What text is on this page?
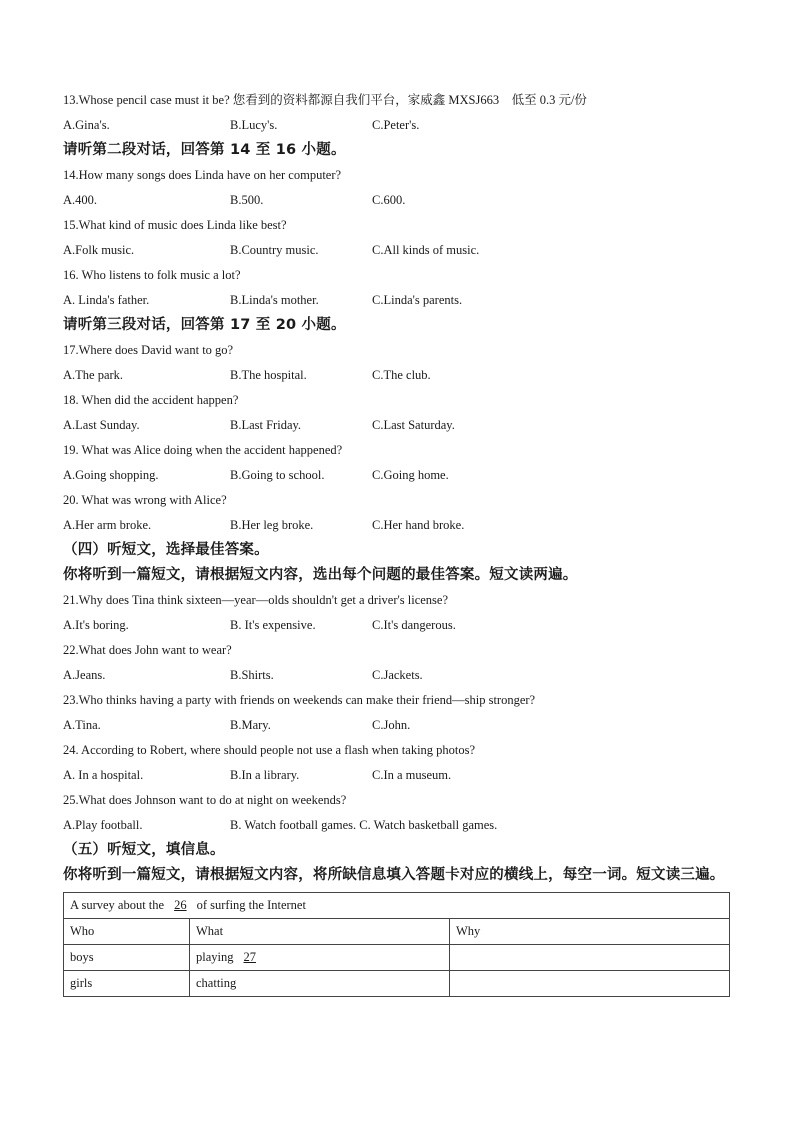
13.Whose pencil case must it be? 您看到的资料都源自我们平台，家威鑫 MXSJ663　低至 0.3 元/份
A.Gina's.	B.Lucy's.	C.Peter's.
请听第二段对话，回答第 14 至 16 小题。
14.How many songs does Linda have on her computer?
A.400.	B.500.	C.600.
15.What kind of music does Linda like best?
A.Folk music.	B.Country music.	C.All kinds of music.
16. Who listens to folk music a lot?
A. Linda's father.	B.Linda's mother.	C.Linda's parents.
请听第三段对话，回答第 17 至 20 小题。
17.Where does David want to go?
A.The park.	B.The hospital.	C.The club.
18. When did the accident happen?
A.Last Sunday.	B.Last Friday.	C.Last Saturday.
19. What was Alice doing when the accident happened?
A.Going shopping.	B.Going to school.	C.Going home.
20. What was wrong with Alice?
A.Her arm broke.	B.Her leg broke.	C.Her hand broke.
（四）听短文，选择最佳答案。
你将听到一篇短文，请根据短文内容，选出每个问题的最佳答案。短文读两遍。
21.Why does Tina think sixteen—year—olds shouldn't get a driver's license?
A.It's boring.	B. It's expensive.	C.It's dangerous.
22.What does John want to wear?
A.Jeans.	B.Shirts.	C.Jackets.
23.Who thinks having a party with friends on weekends can make their friend—ship stronger?
A.Tina.	B.Mary.	C.John.
24. According to Robert, where should people not use a flash when taking photos?
A. In a hospital.	B.In a library.	C.In a museum.
25.What does Johnson want to do at night on weekends?
A.Play football.	B. Watch football games. C. Watch basketball games.
（五）听短文，填信息。
你将听到一篇短文，请根据短文内容，将所缺信息填入答题卡对应的横线上，每空一词。短文读三遍。
A survey about the 26 of surfing the Internet		
Who	What	Why
boys	playing 27	
girls	chatting	
